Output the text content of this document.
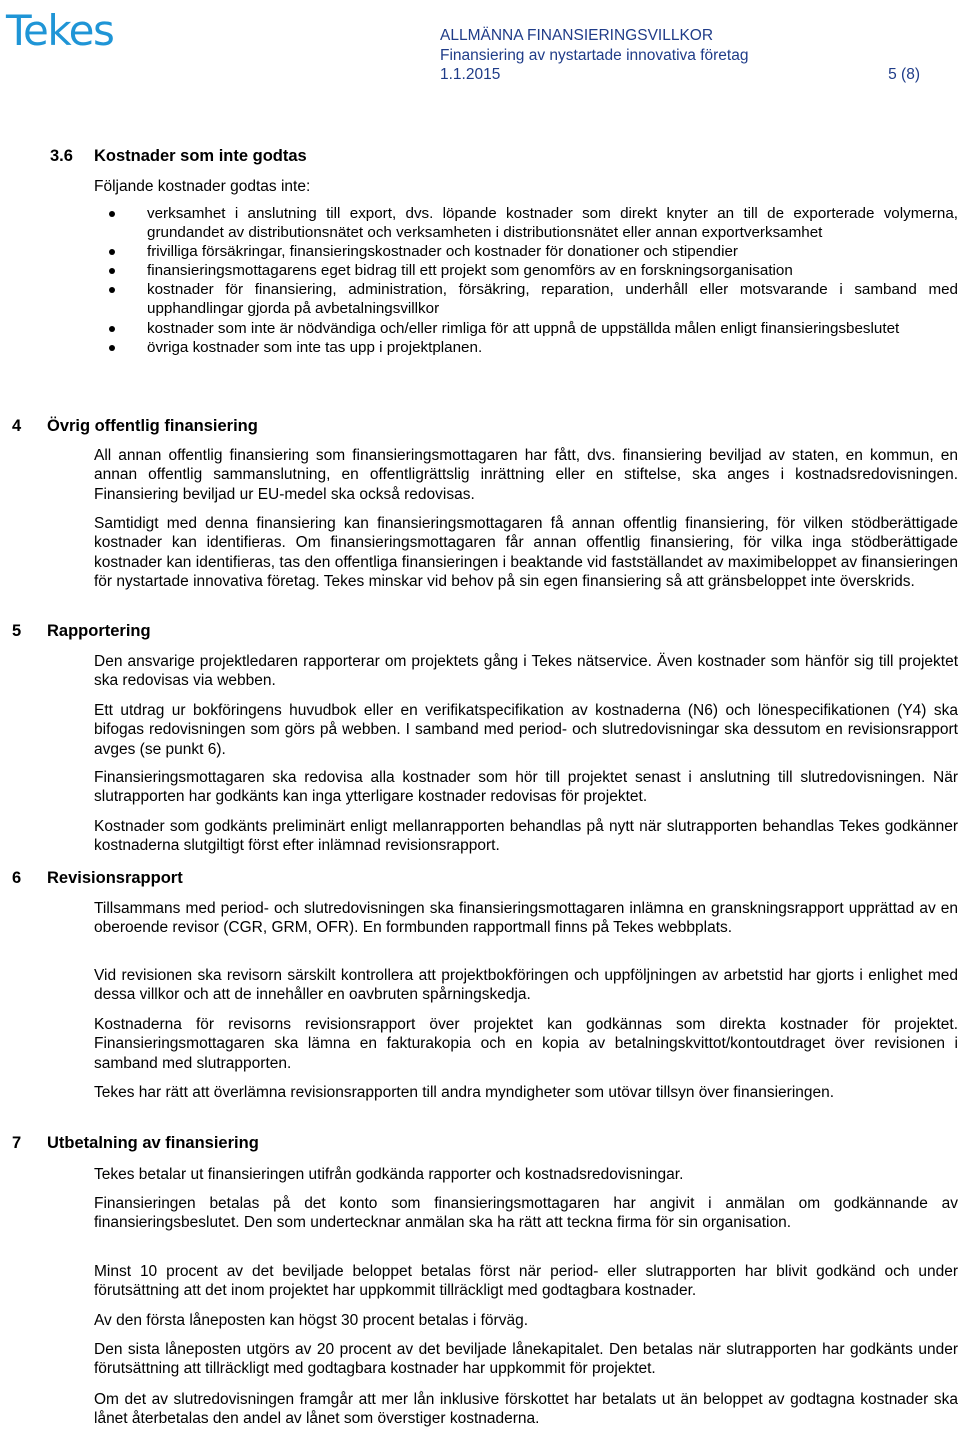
Tekes	ALLMÄNNA FINANSIERINGSVILLKOR
Finansiering av nystartade innovativa företag
1.1.2015	5 (8)
3.6 Kostnader som inte godtas

Följande kostnader godtas inte:

verksamhet i anslutning till export, dvs. löpande kostnader som direkt knyter an till de exporterade volymerna, grundandet av distributionsnätet och verksamheten i distributionsnätet eller annan exportverksamhet
frivilliga försäkringar, finansieringskostnader och kostnader för donationer och stipendier
finansieringsmottagarens eget bidrag till ett projekt som genomförs av en forskningsorganisation
kostnader för finansiering, administration, försäkring, reparation, underhåll eller motsvarande i samband med upphandlingar gjorda på avbetalningsvillkor
kostnader som inte är nödvändiga och/eller rimliga för att uppnå de uppställda målen enligt finansieringsbeslutet
övriga kostnader som inte tas upp i projektplanen.
4 Övrig offentlig finansiering

All annan offentlig finansiering som finansieringsmottagaren har fått, dvs. finansiering beviljad av staten, en kommun, en annan offentlig sammanslutning, en offentligrättslig inrättning eller en stiftelse, ska anges i kostnadsredovisningen. Finansiering beviljad ur EU-medel ska också redovisas.

Samtidigt med denna finansiering kan finansieringsmottagaren få annan offentlig finansiering, för vilken stödberättigade kostnader kan identifieras. Om finansieringsmottagaren får annan offentlig finansiering, för vilka inga stödberättigade kostnader kan identifieras, tas den offentliga finansieringen i beaktande vid fastställandet av maximibeloppet av finansieringen för nystartade innovativa företag. Tekes minskar vid behov på sin egen finansiering så att gränsbeloppet inte överskrids.

5 Rapportering

Den ansvarige projektledaren rapporterar om projektets gång i Tekes nätservice. Även kostnader som hänför sig till projektet ska redovisas via webben.

Ett utdrag ur bokföringens huvudbok eller en verifikatspecifikation av kostnaderna (N6) och lönespecifikationen (Y4) ska bifogas redovisningen som görs på webben. I samband med period- och slutredovisningar ska dessutom en revisionsrapport avges (se punkt 6).

Finansieringsmottagaren ska redovisa alla kostnader som hör till projektet senast i anslutning till slutredovisningen. När slutrapporten har godkänts kan inga ytterligare kostnader redovisas för projektet.

Kostnader som godkänts preliminärt enligt mellanrapporten behandlas på nytt när slutrapporten behandlas Tekes godkänner kostnaderna slutgiltigt först efter inlämnad revisionsrapport.

6 Revisionsrapport

Tillsammans med period- och slutredovisningen ska finansieringsmottagaren inlämna en granskningsrapport upprättad av en oberoende revisor (CGR, GRM, OFR). En formbunden rapportmall finns på Tekes webbplats.

Vid revisionen ska revisorn särskilt kontrollera att projektbokföringen och uppföljningen av arbetstid har gjorts i enlighet med dessa villkor och att de innehåller en oavbruten spårningskedja.

Kostnaderna för revisorns revisionsrapport över projektet kan godkännas som direkta kostnader för projektet. Finansieringsmottagaren ska lämna en fakturakopia och en kopia av betalningskvittot/kontoutdraget över revisionen i samband med slutrapporten.

Tekes har rätt att överlämna revisionsrapporten till andra myndigheter som utövar tillsyn över finansieringen.

7 Utbetalning av finansiering

Tekes betalar ut finansieringen utifrån godkända rapporter och kostnadsredovisningar.

Finansieringen betalas på det konto som finansieringsmottagaren har angivit i anmälan om godkännande av finansieringsbeslutet. Den som undertecknar anmälan ska ha rätt att teckna firma för sin organisation.

Minst 10 procent av det beviljade beloppet betalas först när period- eller slutrapporten har blivit godkänd och under förutsättning att det inom projektet har uppkommit tillräckligt med godtagbara kostnader.

Av den första låneposten kan högst 30 procent betalas i förväg.

Den sista låneposten utgörs av 20 procent av det beviljade lånekapitalet. Den betalas när slutrapporten har godkänts under förutsättning att tillräckligt med godtagbara kostnader har uppkommit för projektet.

Om det av slutredovisningen framgår att mer lån inklusive förskottet har betalats ut än beloppet av godtagna kostnader ska lånet återbetalas den andel av lånet som överstiger kostnaderna.
